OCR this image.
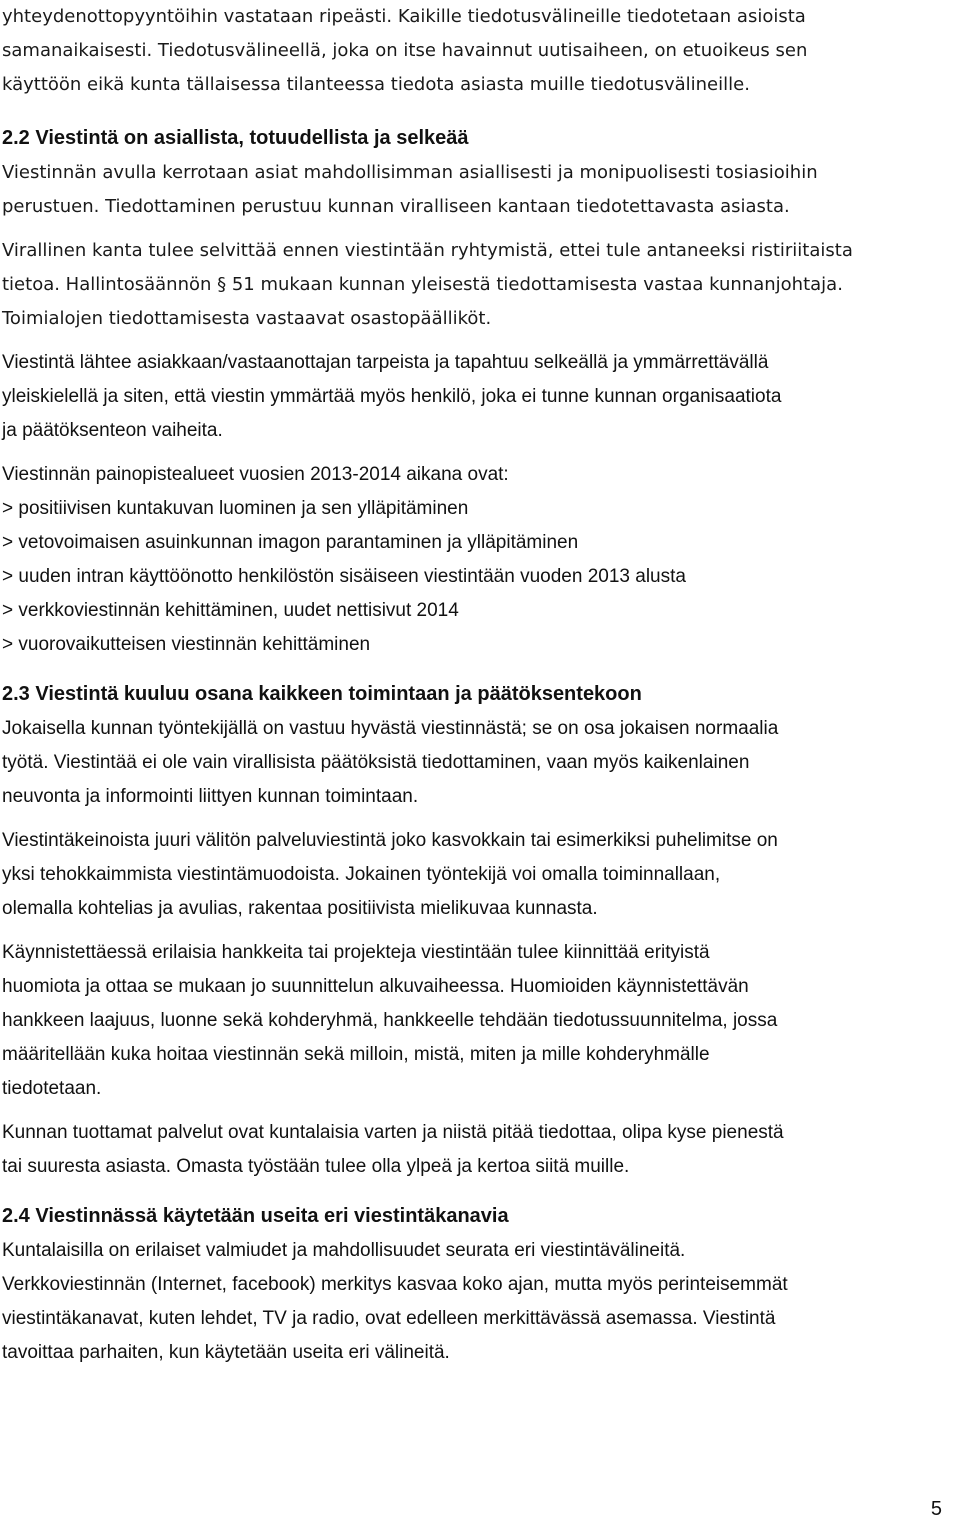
yhteydenottopyyntöihin vastataan ripeästi. Kaikille tiedotusvälineille tiedotetaan asioista

samanaikaisesti. Tiedotusvälineellä, joka on itse havainnut uutisaiheen, on etuoikeus sen

käyttöön eikä kunta tällaisessa tilanteessa tiedota asiasta muille tiedotusvälineille.

2.2 Viestintä on asiallista, totuudellista ja selkeää

Viestinnän avulla kerrotaan asiat mahdollisimman asiallisesti ja monipuolisesti tosiasioihin

perustuen. Tiedottaminen perustuu kunnan viralliseen kantaan tiedotettavasta asiasta.

Virallinen kanta tulee selvittää ennen viestintään ryhtymistä, ettei tule antaneeksi ristiriitaista

tietoa. Hallintosäännön § 51 mukaan kunnan yleisestä tiedottamisesta vastaa kunnanjohtaja.

Toimialojen tiedottamisesta vastaavat osastopäälliköt.

Viestintä lähtee asiakkaan/vastaanottajan tarpeista ja tapahtuu selkeällä ja ymmärrettävällä

yleiskielellä ja siten, että viestin ymmärtää myös henkilö, joka ei tunne kunnan organisaatiota

ja päätöksenteon vaiheita.

Viestinnän painopistealueet vuosien 2013-2014 aikana ovat:

> positiivisen kuntakuvan luominen ja sen ylläpitäminen

> vetovoimaisen asuinkunnan imagon parantaminen ja ylläpitäminen

> uuden intran käyttöönotto henkilöstön sisäiseen viestintään vuoden 2013 alusta

> verkkoviestinnän kehittäminen, uudet nettisivut 2014

> vuorovaikutteisen viestinnän kehittäminen

2.3 Viestintä kuuluu osana kaikkeen toimintaan ja päätöksentekoon

Jokaisella kunnan työntekijällä on vastuu hyvästä viestinnästä; se on osa jokaisen normaalia

työtä. Viestintää ei ole vain virallisista päätöksistä tiedottaminen, vaan myös kaikenlainen

neuvonta ja informointi liittyen kunnan toimintaan.

Viestintäkeinoista juuri välitön palveluviestintä joko kasvokkain tai esimerkiksi puhelimitse on

yksi tehokkaimmista viestintämuodoista. Jokainen työntekijä voi omalla toiminnallaan,

olemalla kohtelias ja avulias, rakentaa positiivista mielikuvaa kunnasta.

Käynnistettäessä erilaisia hankkeita tai projekteja viestintään tulee kiinnittää erityistä

huomiota ja ottaa se mukaan jo suunnittelun alkuvaiheessa. Huomioiden käynnistettävän

hankkeen laajuus, luonne sekä kohderyhmä, hankkeelle tehdään tiedotussuunnitelma, jossa

määritellään kuka hoitaa viestinnän sekä milloin, mistä, miten ja mille kohderyhmälle

tiedotetaan.

Kunnan tuottamat palvelut ovat kuntalaisia varten ja niistä pitää tiedottaa, olipa kyse pienestä

tai suuresta asiasta. Omasta työstään tulee olla ylpeä ja kertoa siitä muille.

2.4 Viestinnässä käytetään useita eri viestintäkanavia

Kuntalaisilla on erilaiset valmiudet ja mahdollisuudet seurata eri viestintävälineitä.

Verkkoviestinnän (Internet, facebook) merkitys kasvaa koko ajan, mutta myös perinteisemmät

viestintäkanavat, kuten lehdet, TV ja radio, ovat edelleen merkittävässä asemassa. Viestintä

tavoittaa parhaiten, kun käytetään useita eri välineitä.

5
